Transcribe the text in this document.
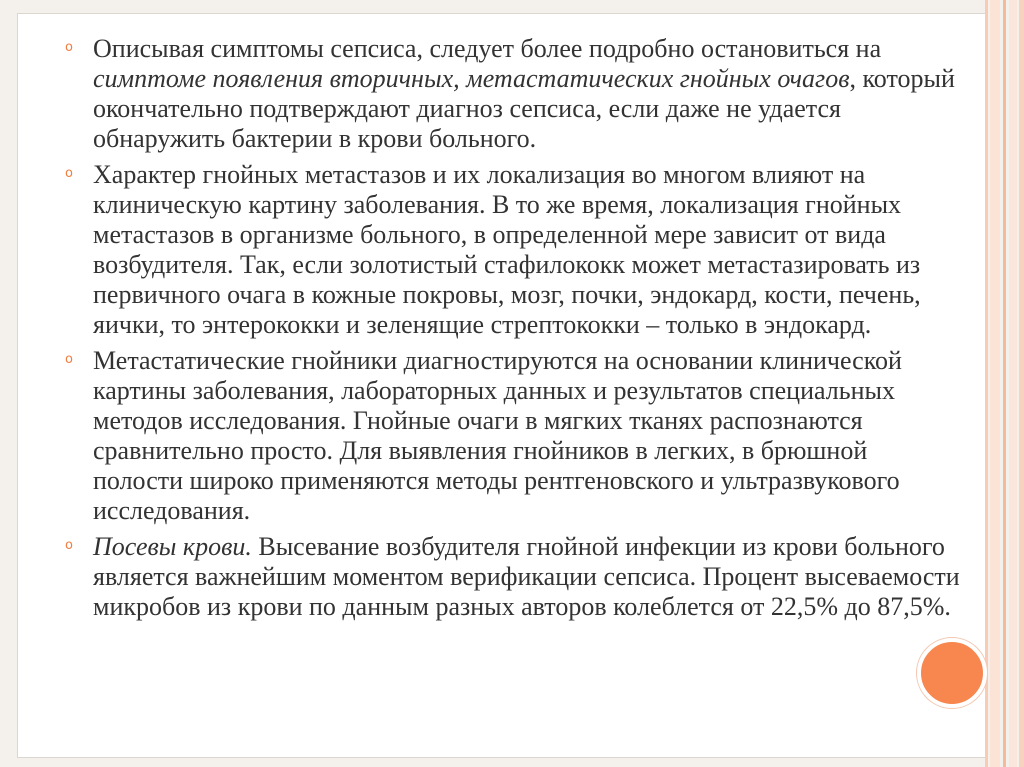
o Описывая симптомы сепсиса, следует более подробно остановиться на симптоме появления вторичных, метастатических гнойных очагов, который окончательно подтверждают диагноз сепсиса, если даже не удается обнаружить бактерии в крови больного.

o Характер гнойных метастазов и их локализация во многом влияют на клиническую картину заболевания. В то же время, локализация гнойных метастазов в организме больного, в определенной мере зависит от вида возбудителя. Так, если золотистый стафилококк может метастазировать из первичного очага в кожные покровы, мозг, почки, эндокард, кости, печень, яички, то энтерококки и зеленящие стрептококки – только в эндокард.

o Метастатические гнойники диагностируются на основании клинической картины заболевания, лабораторных данных и результатов специальных методов исследования. Гнойные очаги в мягких тканях распознаются сравнительно просто. Для выявления гнойников в легких, в брюшной полости широко применяются методы рентгеновского и ультразвукового исследования.

o Посевы крови. Высевание возбудителя гнойной инфекции из крови больного является важнейшим моментом верификации сепсиса. Процент высеваемости микробов из крови по данным разных авторов колеблется от 22,5% до 87,5%.
